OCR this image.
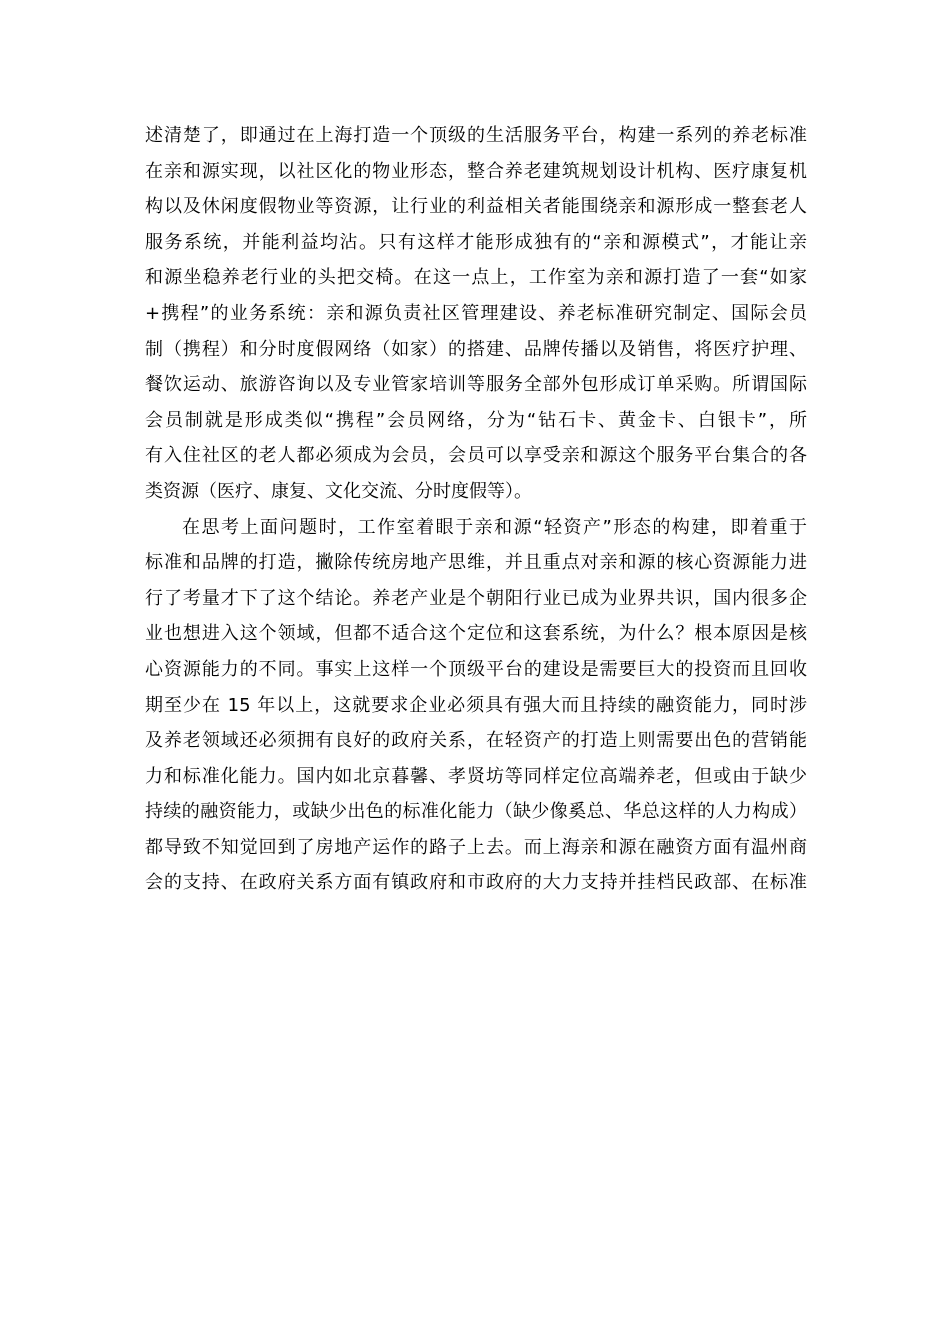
述清楚了，即通过在上海打造一个顶级的生活服务平台，构建一系列的养老标准
在亲和源实现，以社区化的物业形态，整合养老建筑规划设计机构、医疗康复机
构以及休闲度假物业等资源，让行业的利益相关者能围绕亲和源形成一整套老人
服务系统，并能利益均沾。只有这样才能形成独有的“亲和源模式”，才能让亲
和源坐稳养老行业的头把交椅。在这一点上，工作室为亲和源打造了一套“如家
+携程”的业务系统：亲和源负责社区管理建设、养老标准研究制定、国际会员
制（携程）和分时度假网络（如家）的搭建、品牌传播以及销售，将医疗护理、
餐饮运动、旅游咨询以及专业管家培训等服务全部外包形成订单采购。所谓国际
会员制就是形成类似“携程”会员网络，分为“钻石卡、黄金卡、白银卡”，所
有入住社区的老人都必须成为会员，会员可以享受亲和源这个服务平台集合的各
类资源（医疗、康复、文化交流、分时度假等）。
在思考上面问题时，工作室着眼于亲和源“轻资产”形态的构建，即着重于
标准和品牌的打造，撇除传统房地产思维，并且重点对亲和源的核心资源能力进
行了考量才下了这个结论。养老产业是个朝阳行业已成为业界共识，国内很多企
业也想进入这个领域，但都不适合这个定位和这套系统，为什么？根本原因是核
心资源能力的不同。事实上这样一个顶级平台的建设是需要巨大的投资而且回收
期至少在 15 年以上，这就要求企业必须具有强大而且持续的融资能力，同时涉
及养老领域还必须拥有良好的政府关系，在轻资产的打造上则需要出色的营销能
力和标准化能力。国内如北京暮馨、孝贤坊等同样定位高端养老，但或由于缺少
持续的融资能力，或缺少出色的标准化能力（缺少像奚总、华总这样的人力构成）
都导致不知觉回到了房地产运作的路子上去。而上海亲和源在融资方面有温州商
会的支持、在政府关系方面有镇政府和市政府的大力支持并挂档民政部、在标准
